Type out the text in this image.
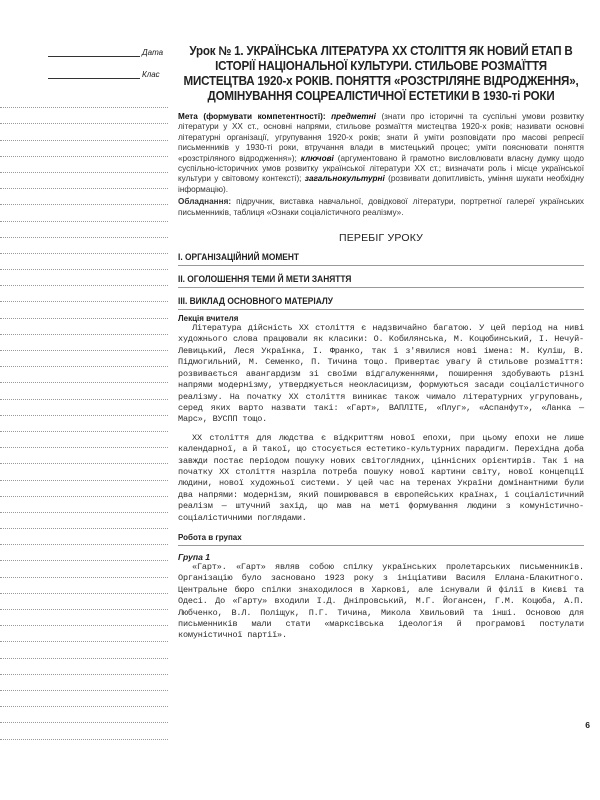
Дата
Клас
Урок № 1. УКРАЇНСЬКА ЛІТЕРАТУРА ХХ СТОЛІТТЯ ЯК НОВИЙ ЕТАП В ІСТОРІЇ НАЦІОНАЛЬНОЇ КУЛЬТУРИ. СТИЛЬОВЕ РОЗМАЇТТЯ МИСТЕЦТВА 1920-х РОКІВ. ПОНЯТТЯ «РОЗСТРІЛЯНЕ ВІДРОДЖЕННЯ», ДОМІНУВАННЯ СОЦРЕАЛІСТИЧНОЇ ЕСТЕТИКИ В 1930-ті РОКИ
Мета (формувати компетентності): предметні (знати про історичні та суспільні умови розвитку літератури у ХХ ст., основні напрями, стильове розмаїття мистецтва 1920-х років; називати основні літературні організації, угрупування 1920-х років; знати й уміти розповідати про масові репресії письменників у 1930-ті роки, втручання влади в мистецький процес; уміти пояснювати поняття «розстріляного відродження»); ключові (аргументовано й грамотно висловлювати власну думку щодо суспільно-історичних умов розвитку української літератури ХХ ст.; визначати роль і місце української культури у світовому контексті); загальнокультурні (розвивати допитливість, уміння шукати необхідну інформацію).
Обладнання: підручник, виставка навчальної, довідкової літератури, портретної галереї українських письменників, таблиця «Ознаки соціалістичного реалізму».
ПЕРЕБІГ УРОКУ
І. ОРГАНІЗАЦІЙНИЙ МОМЕНТ
ІІ. ОГОЛОШЕННЯ ТЕМИ Й МЕТИ ЗАНЯТТЯ
ІІІ. ВИКЛАД ОСНОВНОГО МАТЕРІАЛУ
Лекція вчителя
Література дійсність ХХ століття є надзвичайно багатою. У цей період на ниві художнього слова працювали як класики: О. Кобилянська, М. Коцюбинський, І. Нечуй-Левицький, Леся Українка, І. Франко, так і з'явилися нові імена: М. Куліш, В. Підмогильний, М. Семенко, П. Тичина тощо. Привертає увагу й стильове розмаїття: розвивається авангардизм зі своїми відгалуженнями, поширення здобувають різні напрями модернізму, утверджується неокласицизм, формуються засади соціалістичного реалізму. На початку ХХ століття виникає також чимало літературних угруповань, серед яких варто назвати такі: «Гарт», ВАПЛІТЕ, «Плуг», «Аспанфут», «Ланка — Марс», ВУСПП тощо.
ХХ століття для людства є відкриттям нової епохи, при цьому епохи не лише календарної, а й такої, що стосується естетико-культурних парадигм. Перехідна доба завжди постає періодом пошуку нових світоглядних, ціннісних орієнтирів. Так і на початку ХХ століття назріла потреба пошуку нової картини світу, нової концепції людини, нової художньої системи. У цей час на теренах України домінантними були два напрями: модернізм, який поширювався в європейських країнах, і соціалістичний реалізм — штучний захід, що мав на меті формування людини з комуністично-соціалістичними поглядами.
Робота в групах
Група 1
«Гарт». «Гарт» являв собою спілку українських пролетарських письменників. Організацію було засновано 1923 року з ініціативи Василя Еллана-Блакитного. Центральне бюро спілки знаходилося в Харкові, але існували й філії в Києві та Одесі. До «Гарту» входили І.Д. Дніпровський, М.Г. Йогансен, Г.М. Коцюба, А.П. Любченко, В.Л. Поліщук, П.Г. Тичина, Микола Хвильовий та інші. Основою для письменників мали стати «марксівська ідеологія й програмові постулати комуністичної партії».
6
